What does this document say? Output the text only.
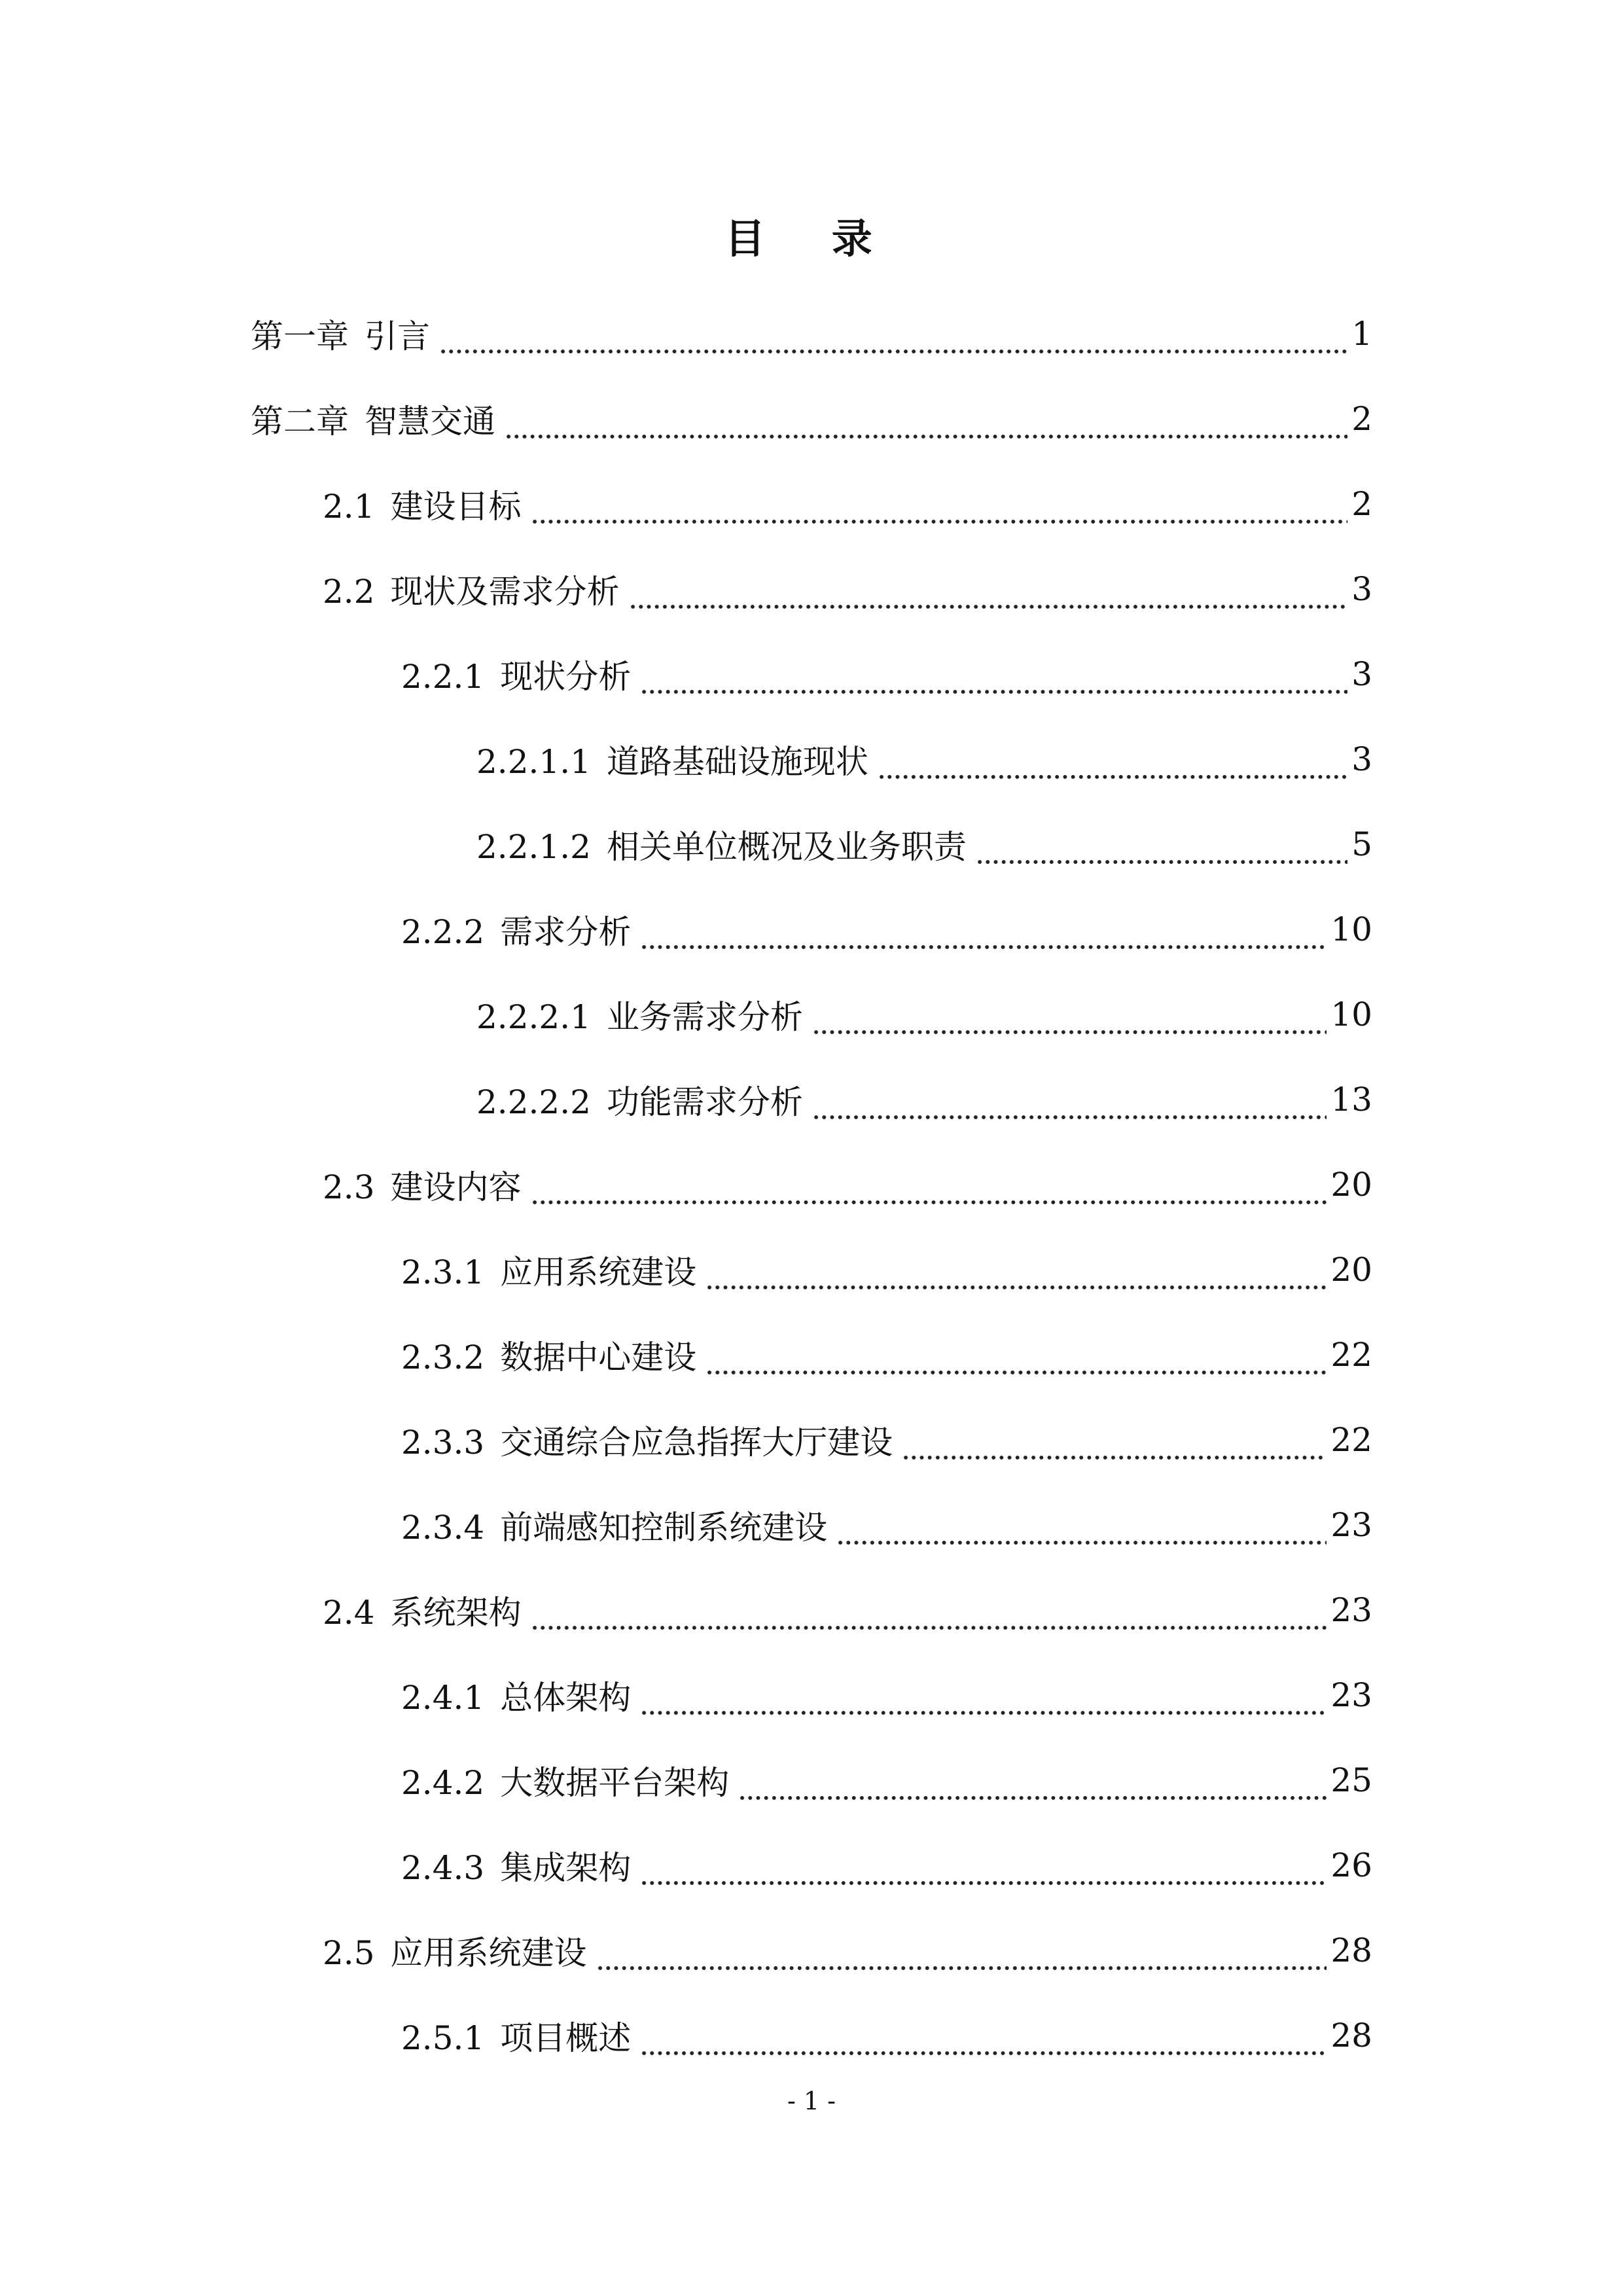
目 录
第一章 引言	1
第二章 智慧交通	2
2.1 建设目标	2
2.2 现状及需求分析	3
2.2.1 现状分析	3
2.2.1.1 道路基础设施现状	3
2.2.1.2 相关单位概况及业务职责	5
2.2.2 需求分析	10
2.2.2.1 业务需求分析	10
2.2.2.2 功能需求分析	13
2.3 建设内容	20
2.3.1 应用系统建设	20
2.3.2 数据中心建设	22
2.3.3 交通综合应急指挥大厅建设	22
2.3.4 前端感知控制系统建设	23
2.4 系统架构	23
2.4.1 总体架构	23
2.4.2 大数据平台架构	25
2.4.3 集成架构	26
2.5 应用系统建设	28
2.5.1 项目概述	28
- 1 -
